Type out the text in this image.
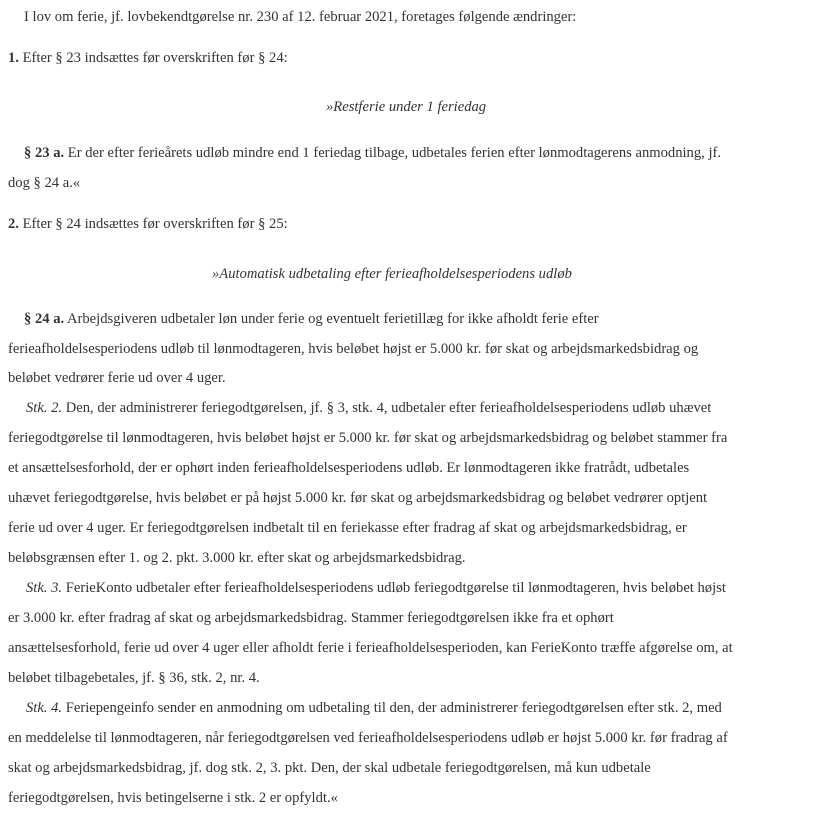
I lov om ferie, jf. lovbekendtgørelse nr. 230 af 12. februar 2021, foretages følgende ændringer:
1. Efter § 23 indsættes før overskriften før § 24:
»Restferie under 1 feriedag
§ 23 a. Er der efter ferieårets udløb mindre end 1 feriedag tilbage, udbetales ferien efter lønmodtagerens anmodning, jf.
dog § 24 a.«
2. Efter § 24 indsættes før overskriften før § 25:
»Automatisk udbetaling efter ferieafholdelsesperiodens udløb
§ 24 a. Arbejdsgiveren udbetaler løn under ferie og eventuelt ferietillæg for ikke afholdt ferie efter
ferieafholdelsesperiodens udløb til lønmodtageren, hvis beløbet højst er 5.000 kr. før skat og arbejdsmarkedsbidrag og
beløbet vedrører ferie ud over 4 uger.
Stk. 2. Den, der administrerer feriegodtgørelsen, jf. § 3, stk. 4, udbetaler efter ferieafholdelsesperiodens udløb uhævet
feriegodtgørelse til lønmodtageren, hvis beløbet højst er 5.000 kr. før skat og arbejdsmarkedsbidrag og beløbet stammer fra
et ansættelsesforhold, der er ophørt inden ferieafholdelsesperiodens udløb. Er lønmodtageren ikke fratrådt, udbetales
uhævet feriegodtgørelse, hvis beløbet er på højst 5.000 kr. før skat og arbejdsmarkedsbidrag og beløbet vedrører optjent
ferie ud over 4 uger. Er feriegodtgørelsen indbetalt til en feriekasse efter fradrag af skat og arbejdsmarkedsbidrag, er
beløbsgrænsen efter 1. og 2. pkt. 3.000 kr. efter skat og arbejdsmarkedsbidrag.
Stk. 3. FerieKonto udbetaler efter ferieafholdelsesperiodens udløb feriegodtgørelse til lønmodtageren, hvis beløbet højst
er 3.000 kr. efter fradrag af skat og arbejdsmarkedsbidrag. Stammer feriegodtgørelsen ikke fra et ophørt
ansættelsesforhold, ferie ud over 4 uger eller afholdt ferie i ferieafholdelsesperioden, kan FerieKonto træffe afgørelse om, at
beløbet tilbagebetales, jf. § 36, stk. 2, nr. 4.
Stk. 4. Feriepengeinfo sender en anmodning om udbetaling til den, der administrerer feriegodtgørelsen efter stk. 2, med
en meddelelse til lønmodtageren, når feriegodtgørelsen ved ferieafholdelsesperiodens udløb er højst 5.000 kr. før fradrag af
skat og arbejdsmarkedsbidrag, jf. dog stk. 2, 3. pkt. Den, der skal udbetale feriegodtgørelsen, må kun udbetale
feriegodtgørelsen, hvis betingelserne i stk. 2 er opfyldt.«
